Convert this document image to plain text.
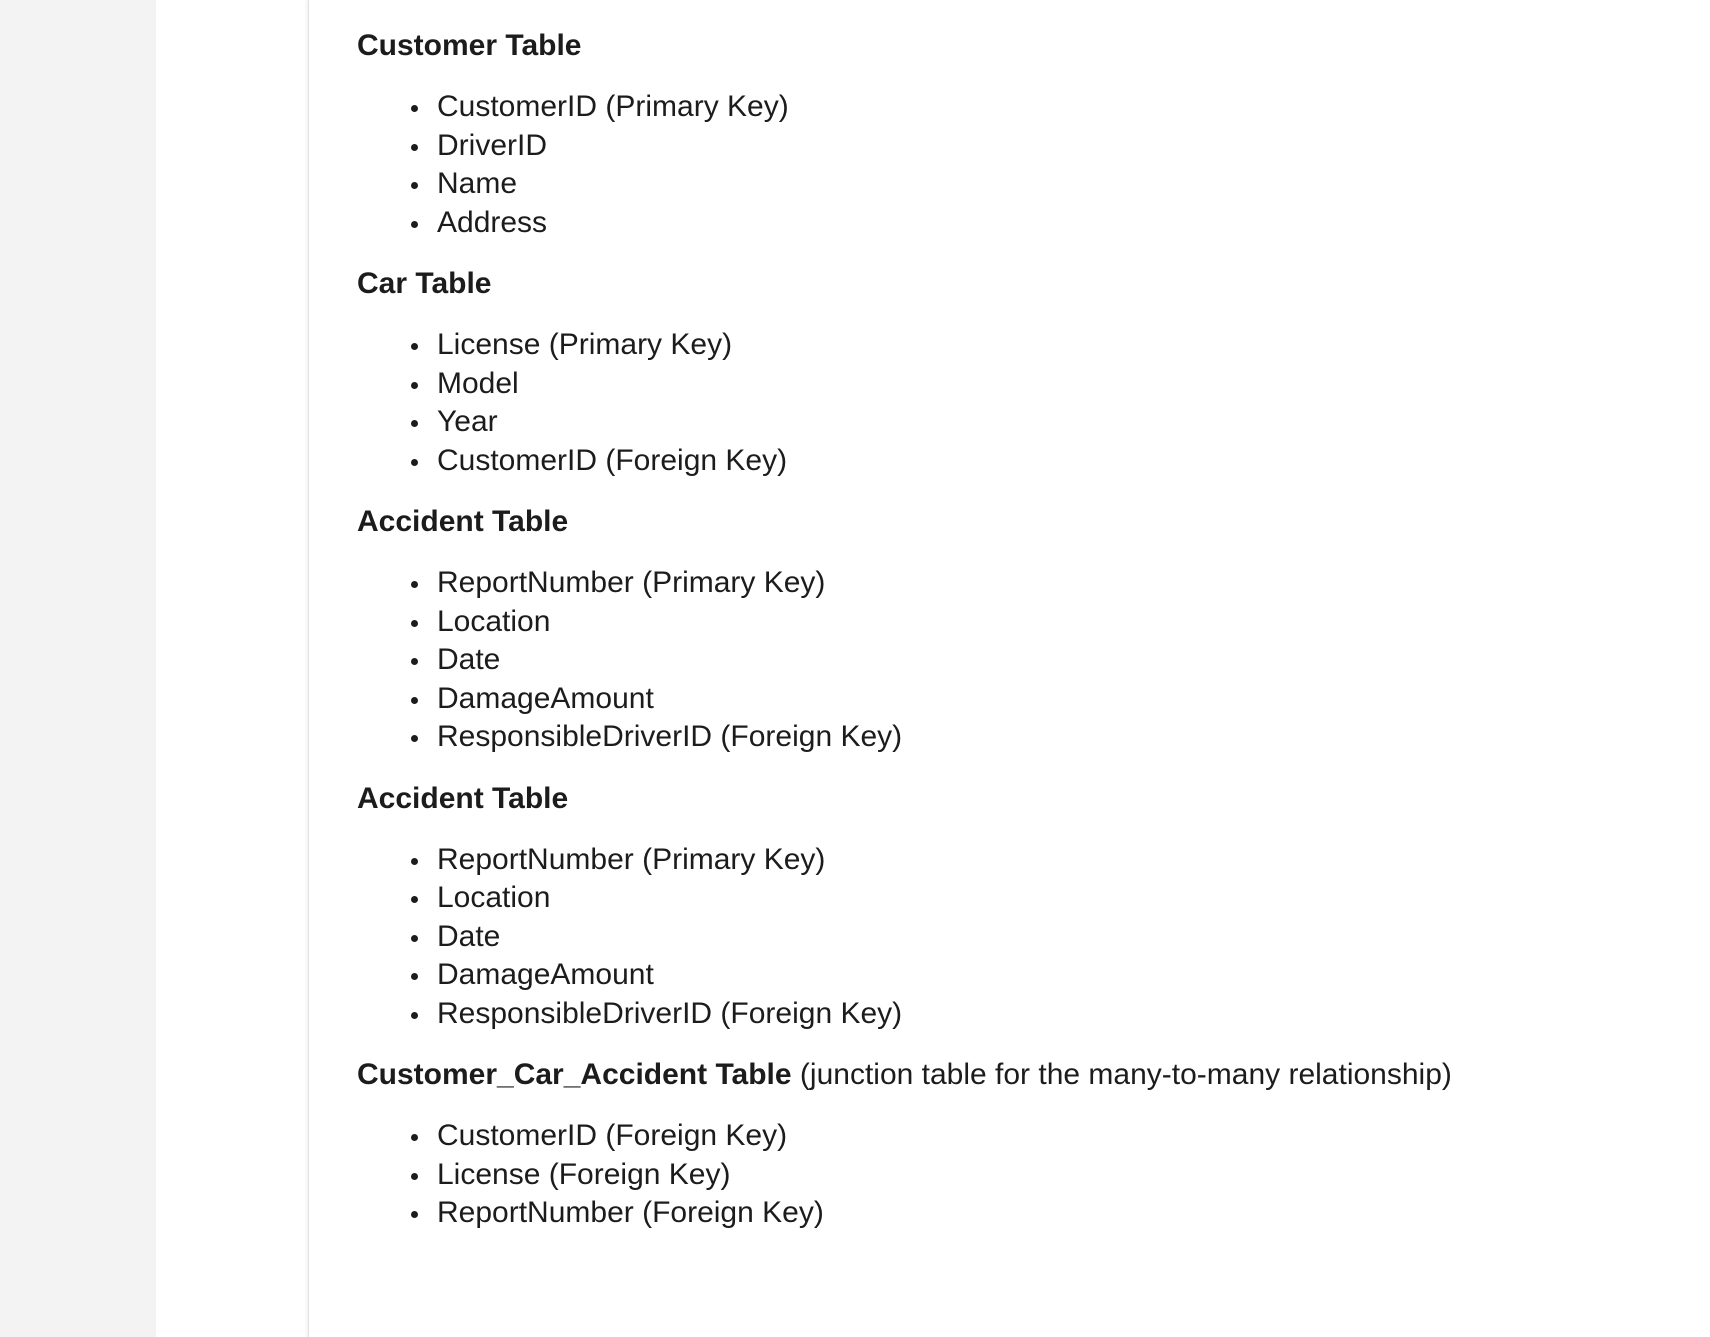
Customer Table
CustomerID (Primary Key)
DriverID
Name
Address
Car Table
License (Primary Key)
Model
Year
CustomerID (Foreign Key)
Accident Table
ReportNumber (Primary Key)
Location
Date
DamageAmount
ResponsibleDriverID (Foreign Key)
Accident Table
ReportNumber (Primary Key)
Location
Date
DamageAmount
ResponsibleDriverID (Foreign Key)
Customer_Car_Accident Table (junction table for the many-to-many relationship)
CustomerID (Foreign Key)
License (Foreign Key)
ReportNumber (Foreign Key)
